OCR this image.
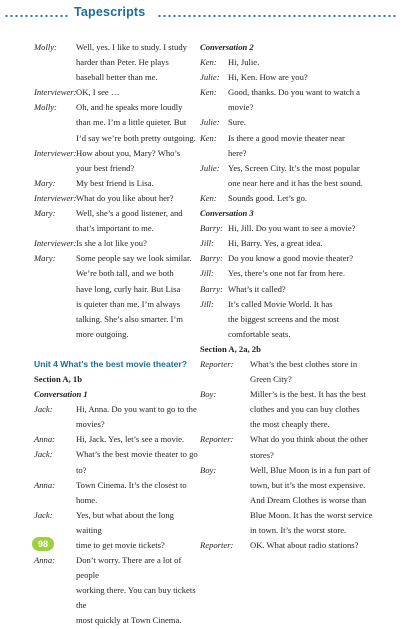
Tapescripts
Molly:	Well, yes. I like to study. I study
harder than Peter. He plays
baseball better than me.
Interviewer: OK, I see …
Molly:	Oh, and he speaks more loudly
than me. I’m a little quieter. But
I’d say we’re both pretty outgoing.
Interviewer: How about you, Mary? Who’s
your best friend?
Mary:	My best friend is Lisa.
Interviewer: What do you like about her?
Mary:	Well, she’s a good listener, and
that’s important to me.
Interviewer: Is she a lot like you?
Mary:	Some people say we look similar.
We’re both tall, and we both
have long, curly hair. But Lisa
is quieter than me. I’m always
talking. She’s also smarter. I’m
more outgoing.
Unit 4 What’s the best movie theater?
Section A, 1b
Conversation 1
Jack:	Hi, Anna. Do you want to go to the
movies?
Anna:	Hi, Jack. Yes, let’s see a movie.
Jack:	What’s the best movie theater to go to?
Anna:	Town Cinema. It’s the closest to home.
Jack:	Yes, but what about the long waiting
time to get movie tickets?
Anna:	Don’t worry. There are a lot of people
working there. You can buy tickets the
most quickly at Town Cinema.
Conversation 2
Ken:	Hi, Julie.
Julie: Hi, Ken. How are you?
Ken:	Good, thanks. Do you want to watch a
movie?
Julie: Sure.
Ken:	Is there a good movie theater near
here?
Julie: Yes, Screen City. It’s the most popular
one near here and it has the best sound.
Ken:	Sounds good. Let’s go.
Conversation 3
Barry: Hi, Jill. Do you want to see a movie?
Jill:	Hi, Barry. Yes, a great idea.
Barry: Do you know a good movie theater?
Jill:	Yes, there’s one not far from here.
Barry: What’s it called?
Jill:	It’s called Movie World. It has
the biggest screens and the most
comfortable seats.
Section A, 2a, 2b
Reporter:	What’s the best clothes store in
Green City?
Boy:	Miller’s is the best. It has the best
clothes and you can buy clothes
the most cheaply there.
Reporter:	What do you think about the other
stores?
Boy:	Well, Blue Moon is in a fun part of
town, but it’s the most expensive.
And Dream Clothes is worse than
Blue Moon. It has the worst service
in town. It’s the worst store.
Reporter:	OK. What about radio stations?
98
